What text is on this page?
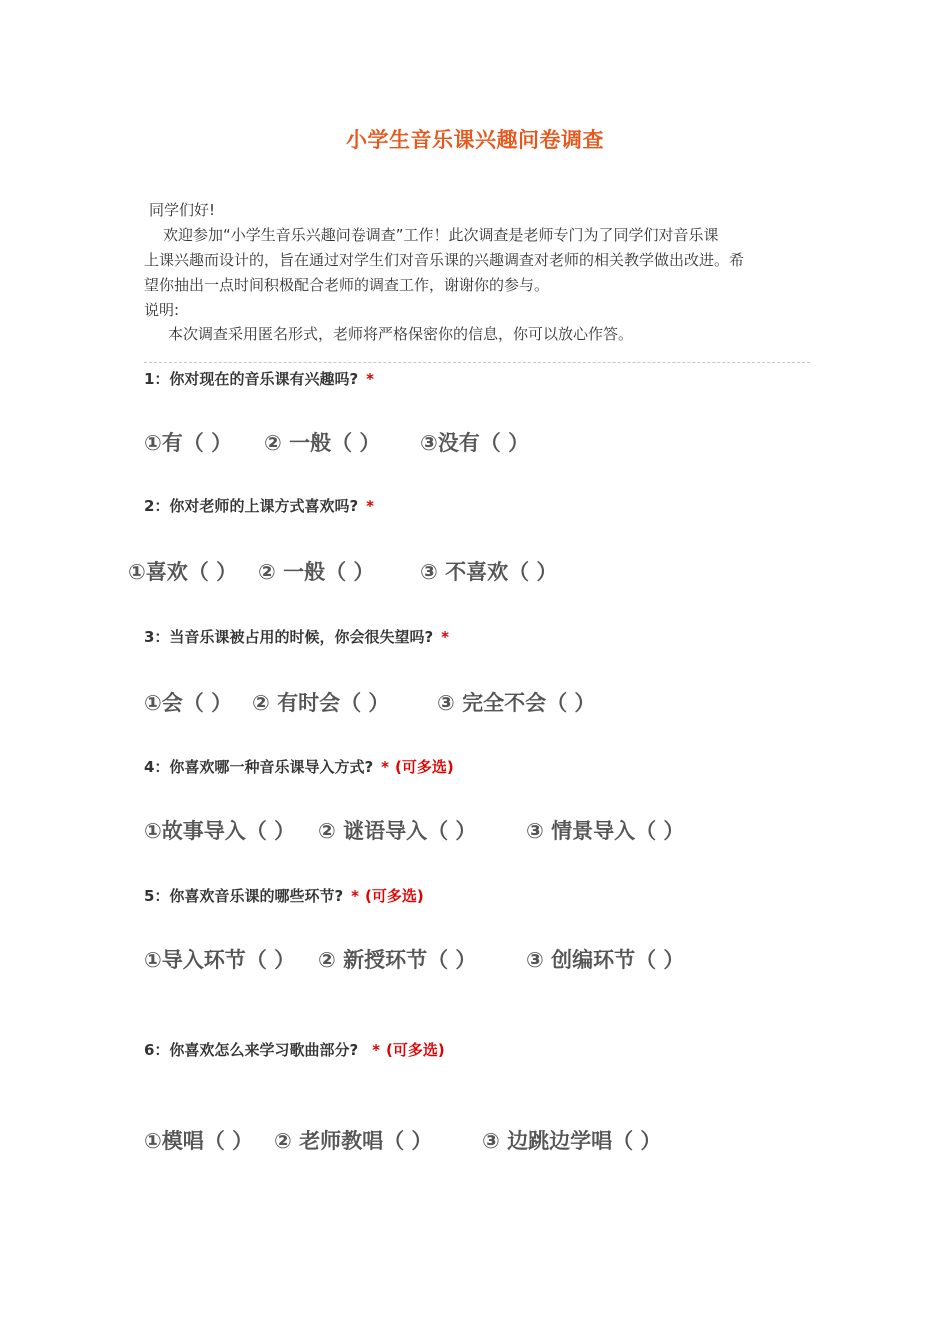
小学生音乐课兴趣问卷调查
同学们好!
欢迎参加“小学生音乐兴趣问卷调查”工作！此次调查是老师专门为了同学们对音乐课
上课兴趣而设计的，旨在通过对学生们对音乐课的兴趣调查对老师的相关教学做出改进。希
望你抽出一点时间积极配合老师的调查工作，谢谢你的参与。
说明:
本次调查采用匿名形式，老师将严格保密你的信息，你可以放心作答。
1：你对现在的音乐课有兴趣吗? *
①有（ ） ② 一般（ ） ③没有（ ）
2：你对老师的上课方式喜欢吗? *
①喜欢（ ） ② 一般（ ） ③ 不喜欢（ ）
3：当音乐课被占用的时候，你会很失望吗? *
①会（ ） ② 有时会（ ） ③ 完全不会（ ）
4：你喜欢哪一种音乐课导入方式? * (可多选)
①故事导入（ ） ② 谜语导入（ ） ③ 情景导入（ ）
5：你喜欢音乐课的哪些环节? * (可多选)
①导入环节（ ） ② 新授环节（ ） ③ 创编环节（ ）
6：你喜欢怎么来学习歌曲部分? * (可多选)
①模唱（ ） ② 老师教唱（ ） ③ 边跳边学唱（ ）
